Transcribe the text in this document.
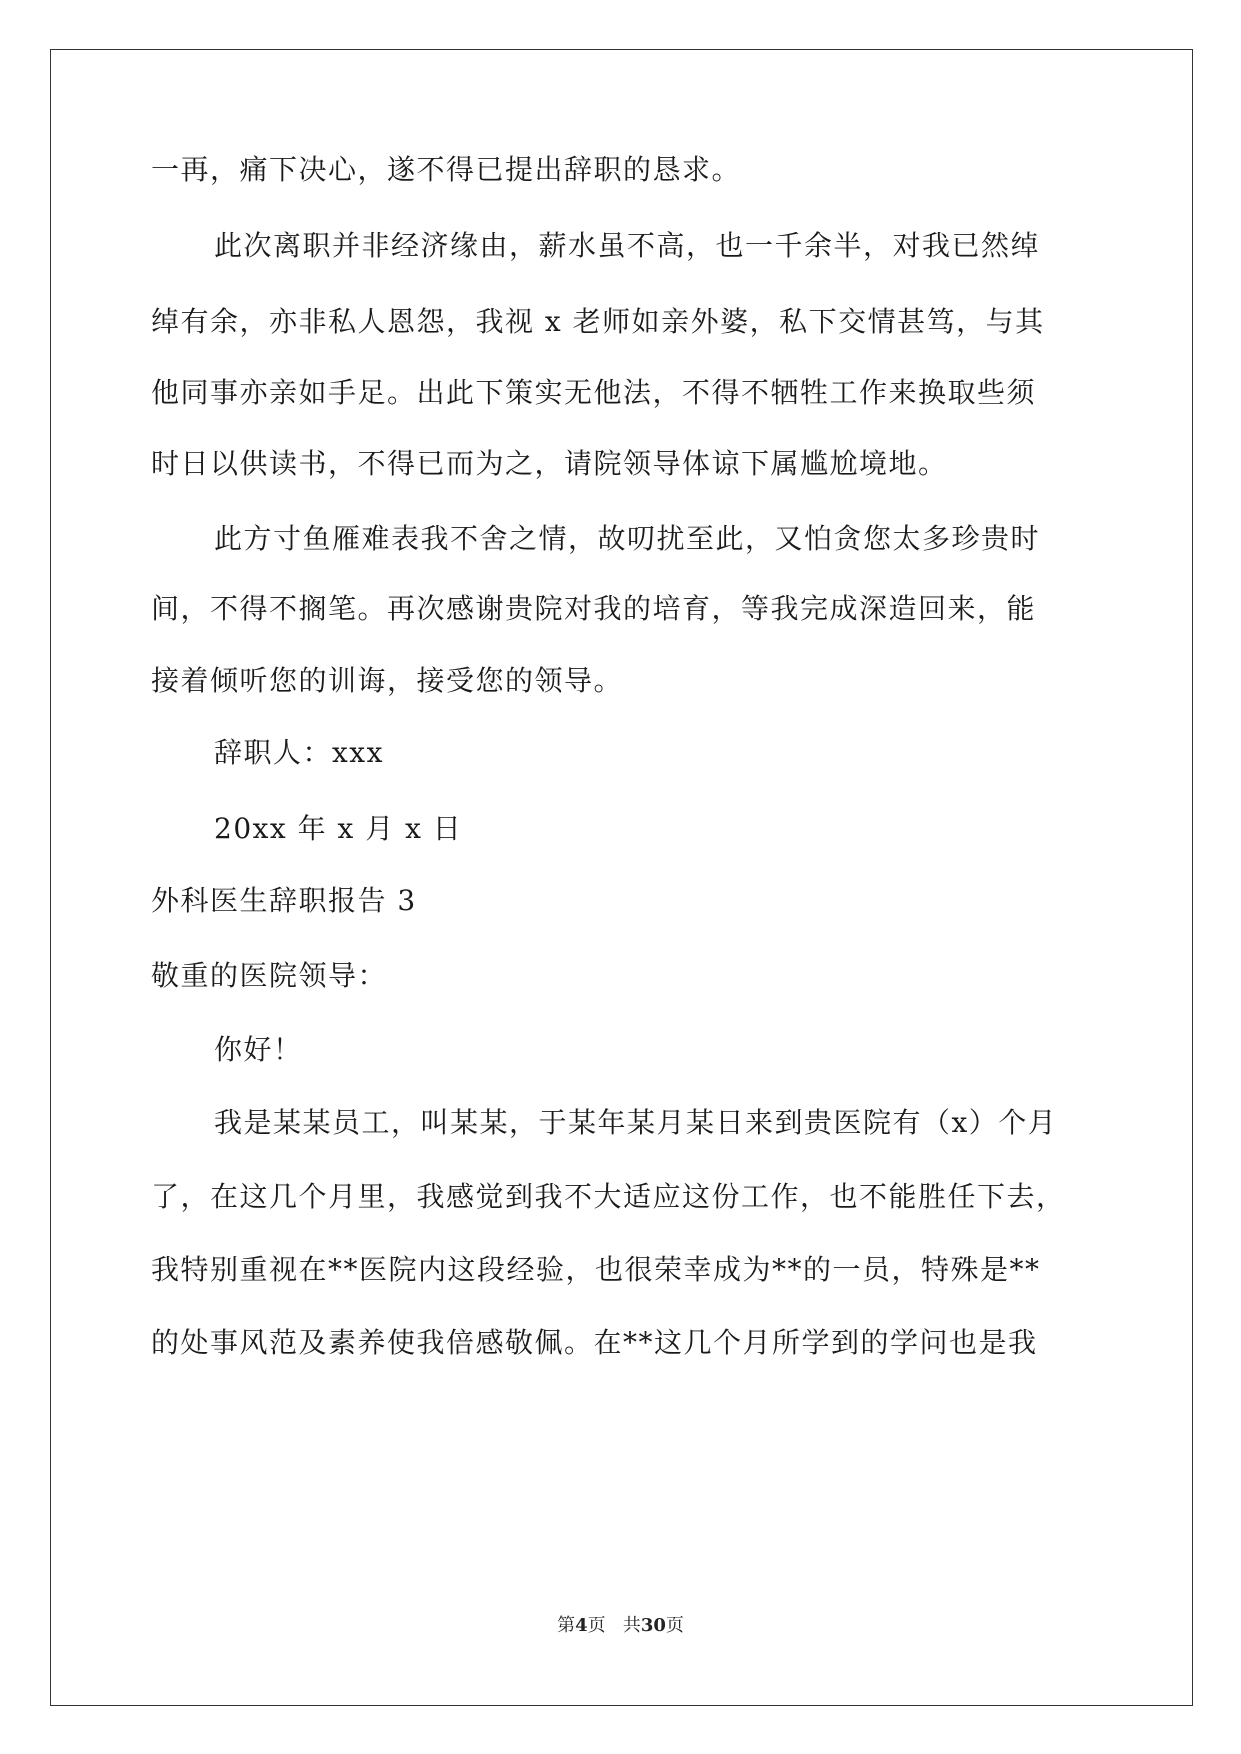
一再，痛下决心，遂不得已提出辞职的恳求。
此次离职并非经济缘由，薪水虽不高，也一千余半，对我已然绰
绰有余，亦非私人恩怨，我视 x 老师如亲外婆，私下交情甚笃，与其
他同事亦亲如手足。出此下策实无他法，不得不牺牲工作来换取些须
时日以供读书，不得已而为之，请院领导体谅下属尴尬境地。
此方寸鱼雁难表我不舍之情，故叨扰至此，又怕贪您太多珍贵时
间，不得不搁笔。再次感谢贵院对我的培育，等我完成深造回来，能
接着倾听您的训诲，接受您的领导。
辞职人：xxx
20xx 年 x 月 x 日
外科医生辞职报告 3
敬重的医院领导：
你好！
我是某某员工，叫某某，于某年某月某日来到贵医院有（x）个月
了，在这几个月里，我感觉到我不大适应这份工作，也不能胜任下去，
我特别重视在**医院内这段经验，也很荣幸成为**的一员，特殊是**
的处事风范及素养使我倍感敬佩。在**这几个月所学到的学问也是我
第4页 共30页
